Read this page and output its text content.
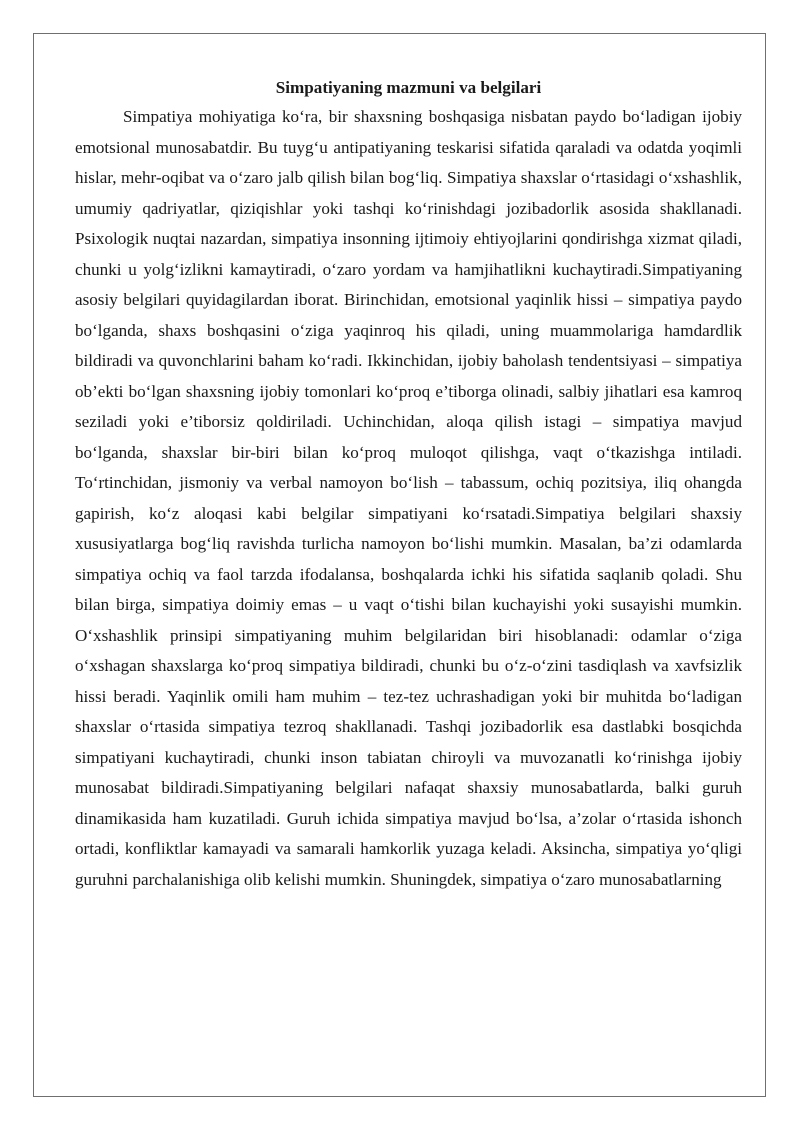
Simpatiyaning mazmuni va belgilari

Simpatiya mohiyatiga ko‘ra, bir shaxsning boshqasiga nisbatan paydo bo‘ladigan ijobiy emotsional munosabatdir. Bu tuyg‘u antipatiyaning teskarisi sifatida qaraladi va odatda yoqimli hislar, mehr-oqibat va o‘zaro jalb qilish bilan bog‘liq. Simpatiya shaxslar o‘rtasidagi o‘xshashlik, umumiy qadriyatlar, qiziqishlar yoki tashqi ko‘rinishdagi jozibadorlik asosida shakllanadi. Psixologik nuqtai nazardan, simpatiya insonning ijtimoiy ehtiyojlarini qondirishga xizmat qiladi, chunki u yolg‘izlikni kamaytiradi, o‘zaro yordam va hamjihatlikni kuchaytiradi.Simpatiyaning asosiy belgilari quyidagilardan iborat. Birinchidan, emotsional yaqinlik hissi – simpatiya paydo bo‘lganda, shaxs boshqasini o‘ziga yaqinroq his qiladi, uning muammolariga hamdardlik bildiradi va quvonchlarini baham ko‘radi. Ikkinchidan, ijobiy baholash tendentsiyasi – simpatiya ob’ekti bo‘lgan shaxsning ijobiy tomonlari ko‘proq e’tiborga olinadi, salbiy jihatlari esa kamroq seziladi yoki e’tiborsiz qoldiriladi. Uchinchidan, aloqa qilish istagi – simpatiya mavjud bo‘lganda, shaxslar bir-biri bilan ko‘proq muloqot qilishga, vaqt o‘tkazishga intiladi. To‘rtinchidan, jismoniy va verbal namoyon bo‘lish – tabassum, ochiq pozitsiya, iliq ohangda gapirish, ko‘z aloqasi kabi belgilar simpatiyani ko‘rsatadi.Simpatiya belgilari shaxsiy xususiyatlarga bog‘liq ravishda turlicha namoyon bo‘lishi mumkin. Masalan, ba’zi odamlarda simpatiya ochiq va faol tarzda ifodalansa, boshqalarda ichki his sifatida saqlanib qoladi. Shu bilan birga, simpatiya doimiy emas – u vaqt o‘tishi bilan kuchayishi yoki susayishi mumkin. O‘xshashlik prinsipi simpatiyaning muhim belgilaridan biri hisoblanadi: odamlar o‘ziga o‘xshagan shaxslarga ko‘proq simpatiya bildiradi, chunki bu o‘z-o‘zini tasdiqlash va xavfsizlik hissi beradi. Yaqinlik omili ham muhim – tez-tez uchrashadigan yoki bir muhitda bo‘ladigan shaxslar o‘rtasida simpatiya tezroq shakllanadi. Tashqi jozibadorlik esa dastlabki bosqichda simpatiyani kuchaytiradi, chunki inson tabiatan chiroyli va muvozanatli ko‘rinishga ijobiy munosabat bildiradi.Simpatiyaning belgilari nafaqat shaxsiy munosabatlarda, balki guruh dinamikasida ham kuzatiladi. Guruh ichida simpatiya mavjud bo‘lsa, a’zolar o‘rtasida ishonch ortadi, konfliktlar kamayadi va samarali hamkorlik yuzaga keladi. Aksincha, simpatiya yo‘qligi guruhni parchalanishiga olib kelishi mumkin. Shuningdek, simpatiya o‘zaro munosabatlarning
